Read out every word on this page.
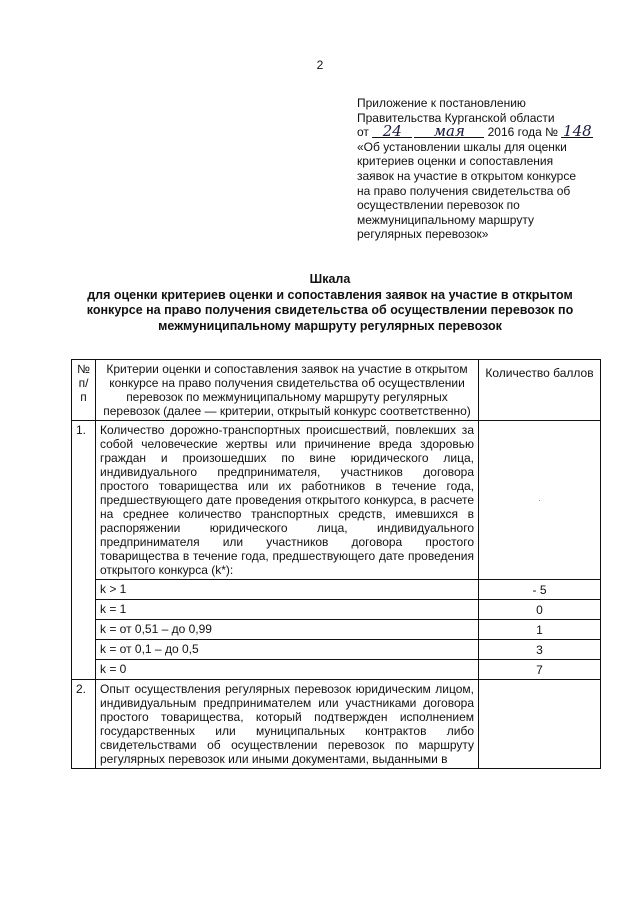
2
Приложение к постановлению
Правительства Курганской области
от 24 мая 2016 года № 148
«Об установлении шкалы для оценки
критериев оценки и сопоставления
заявок на участие в открытом конкурсе
на право получения свидетельства об
осуществлении перевозок по
межмуниципальному маршруту
регулярных перевозок»
Шкала
для оценки критериев оценки и сопоставления заявок на участие в открытом
конкурсе на право получения свидетельства об осуществлении перевозок по
межмуниципальному маршруту регулярных перевозок
№ п/п	Критерии оценки и сопоставления заявок на участие в открытом конкурсе на право получения свидетельства об осуществлении перевозок по межмуниципальному маршруту регулярных перевозок (далее — критерии, открытый конкурс соответственно)	Количество баллов
1.	Количество дорожно-транспортных происшествий, повлекших за собой человеческие жертвы или причинение вреда здоровью граждан и произошедших по вине юридического лица, индивидуального предпринимателя, участников договора простого товарищества или их работников в течение года, предшествующего дате проведения открытого конкурса, в расчете на среднее количество транспортных средств, имевшихся в распоряжении юридического лица, индивидуального предпринимателя или участников договора простого товарищества в течение года, предшествующего дате проведения открытого конкурса (k*):	·
	k > 1	- 5
	k = 1	0
	k = от 0,51 – до 0,99	1
	k = от 0,1 – до 0,5	3
	k = 0	7
2.	Опыт осуществления регулярных перевозок юридическим лицом, индивидуальным предпринимателем или участниками договора простого товарищества, который подтвержден исполнением государственных или муниципальных контрактов либо свидетельствами об осуществлении перевозок по маршруту регулярных перевозок или иными документами, выданными в	
